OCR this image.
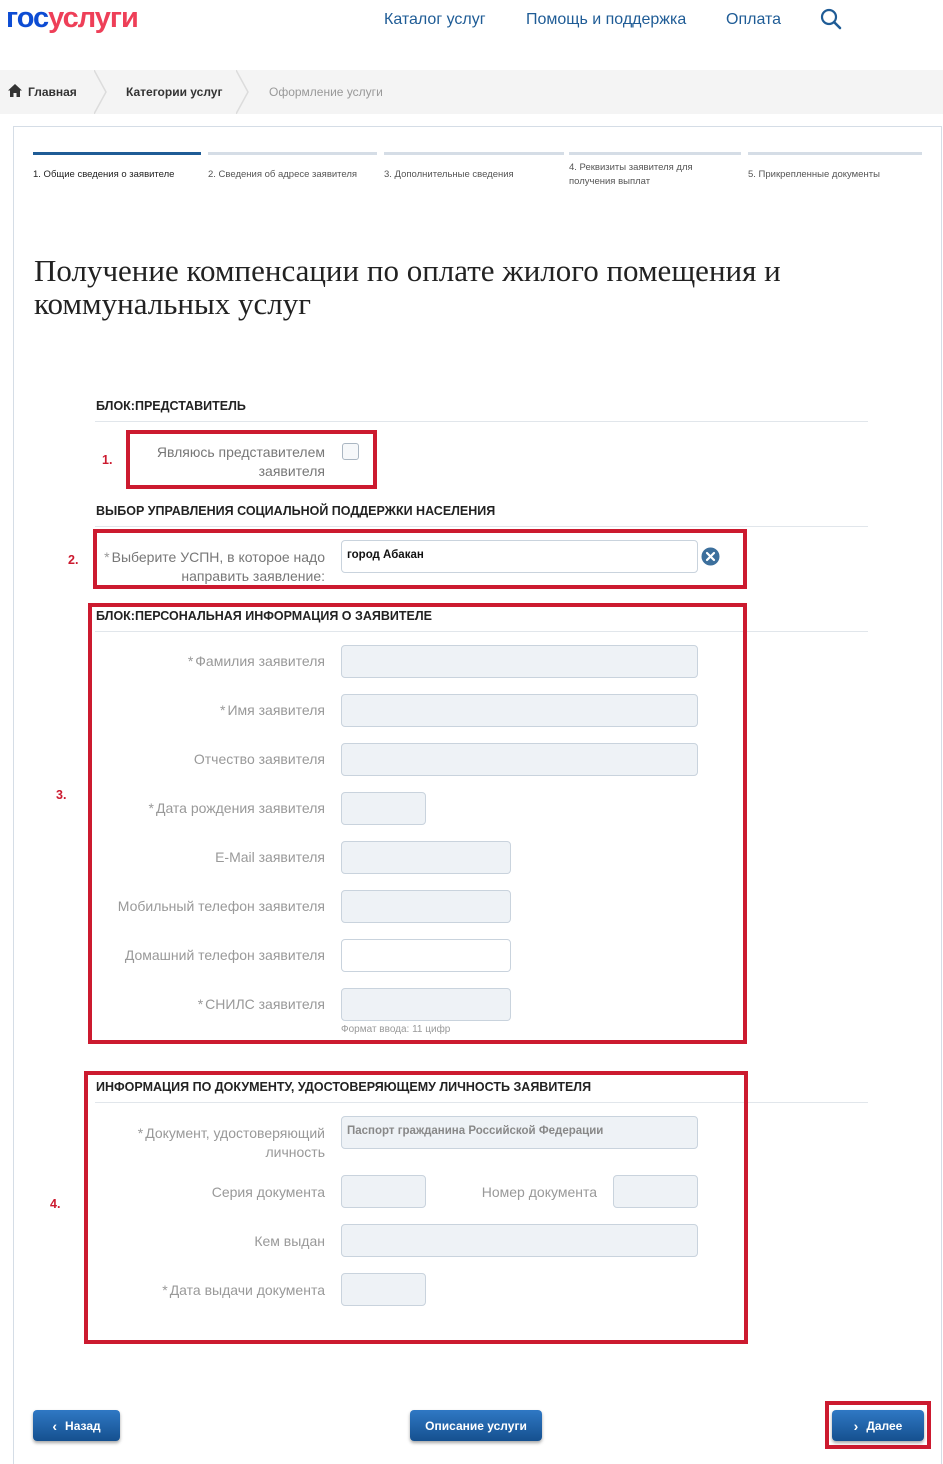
госуслуги	Каталог услуг	Помощь и поддержка Оплата
Главная	Категории услуг	Оформление услуги
1. Общие сведения о заявителе	2. Сведения об адресе заявителя	3. Дополнительные сведения
4. Реквизиты заявителя для получения выплат
5. Прикрепленные документы
Получение компенсации по оплате жилого помещения и коммунальных услуг
БЛОК:ПРЕДСТАВИТЕЛЬ
Являюсь представителем заявителя
ВЫБОР УПРАВЛЕНИЯ СОЦИАЛЬНОЙ ПОДДЕРЖКИ НАСЕЛЕНИЯ
* Выберите УСПН, в которое надо направить заявление:
город Абакан
БЛОК:ПЕРСОНАЛЬНАЯ ИНФОРМАЦИЯ О ЗАЯВИТЕЛЕ
* Фамилия заявителя
* Имя заявителя
Отчество заявителя
* Дата рождения заявителя
E-Mail заявителя
Мобильный телефон заявителя
Домашний телефон заявителя
* СНИЛС заявителя
Формат ввода: 11 цифр
ИНФОРМАЦИЯ ПО ДОКУМЕНТУ, УДОСТОВЕРЯЮЩЕМУ ЛИЧНОСТЬ ЗАЯВИТЕЛЯ
* Документ, удостоверяющий личность
Паспорт гражданина Российской Федерации
Серия документа	Номер документа
Кем выдан
* Дата выдачи документа
1.
2.
3.
4.
‹ Назад	Описание услуги	› Далее
